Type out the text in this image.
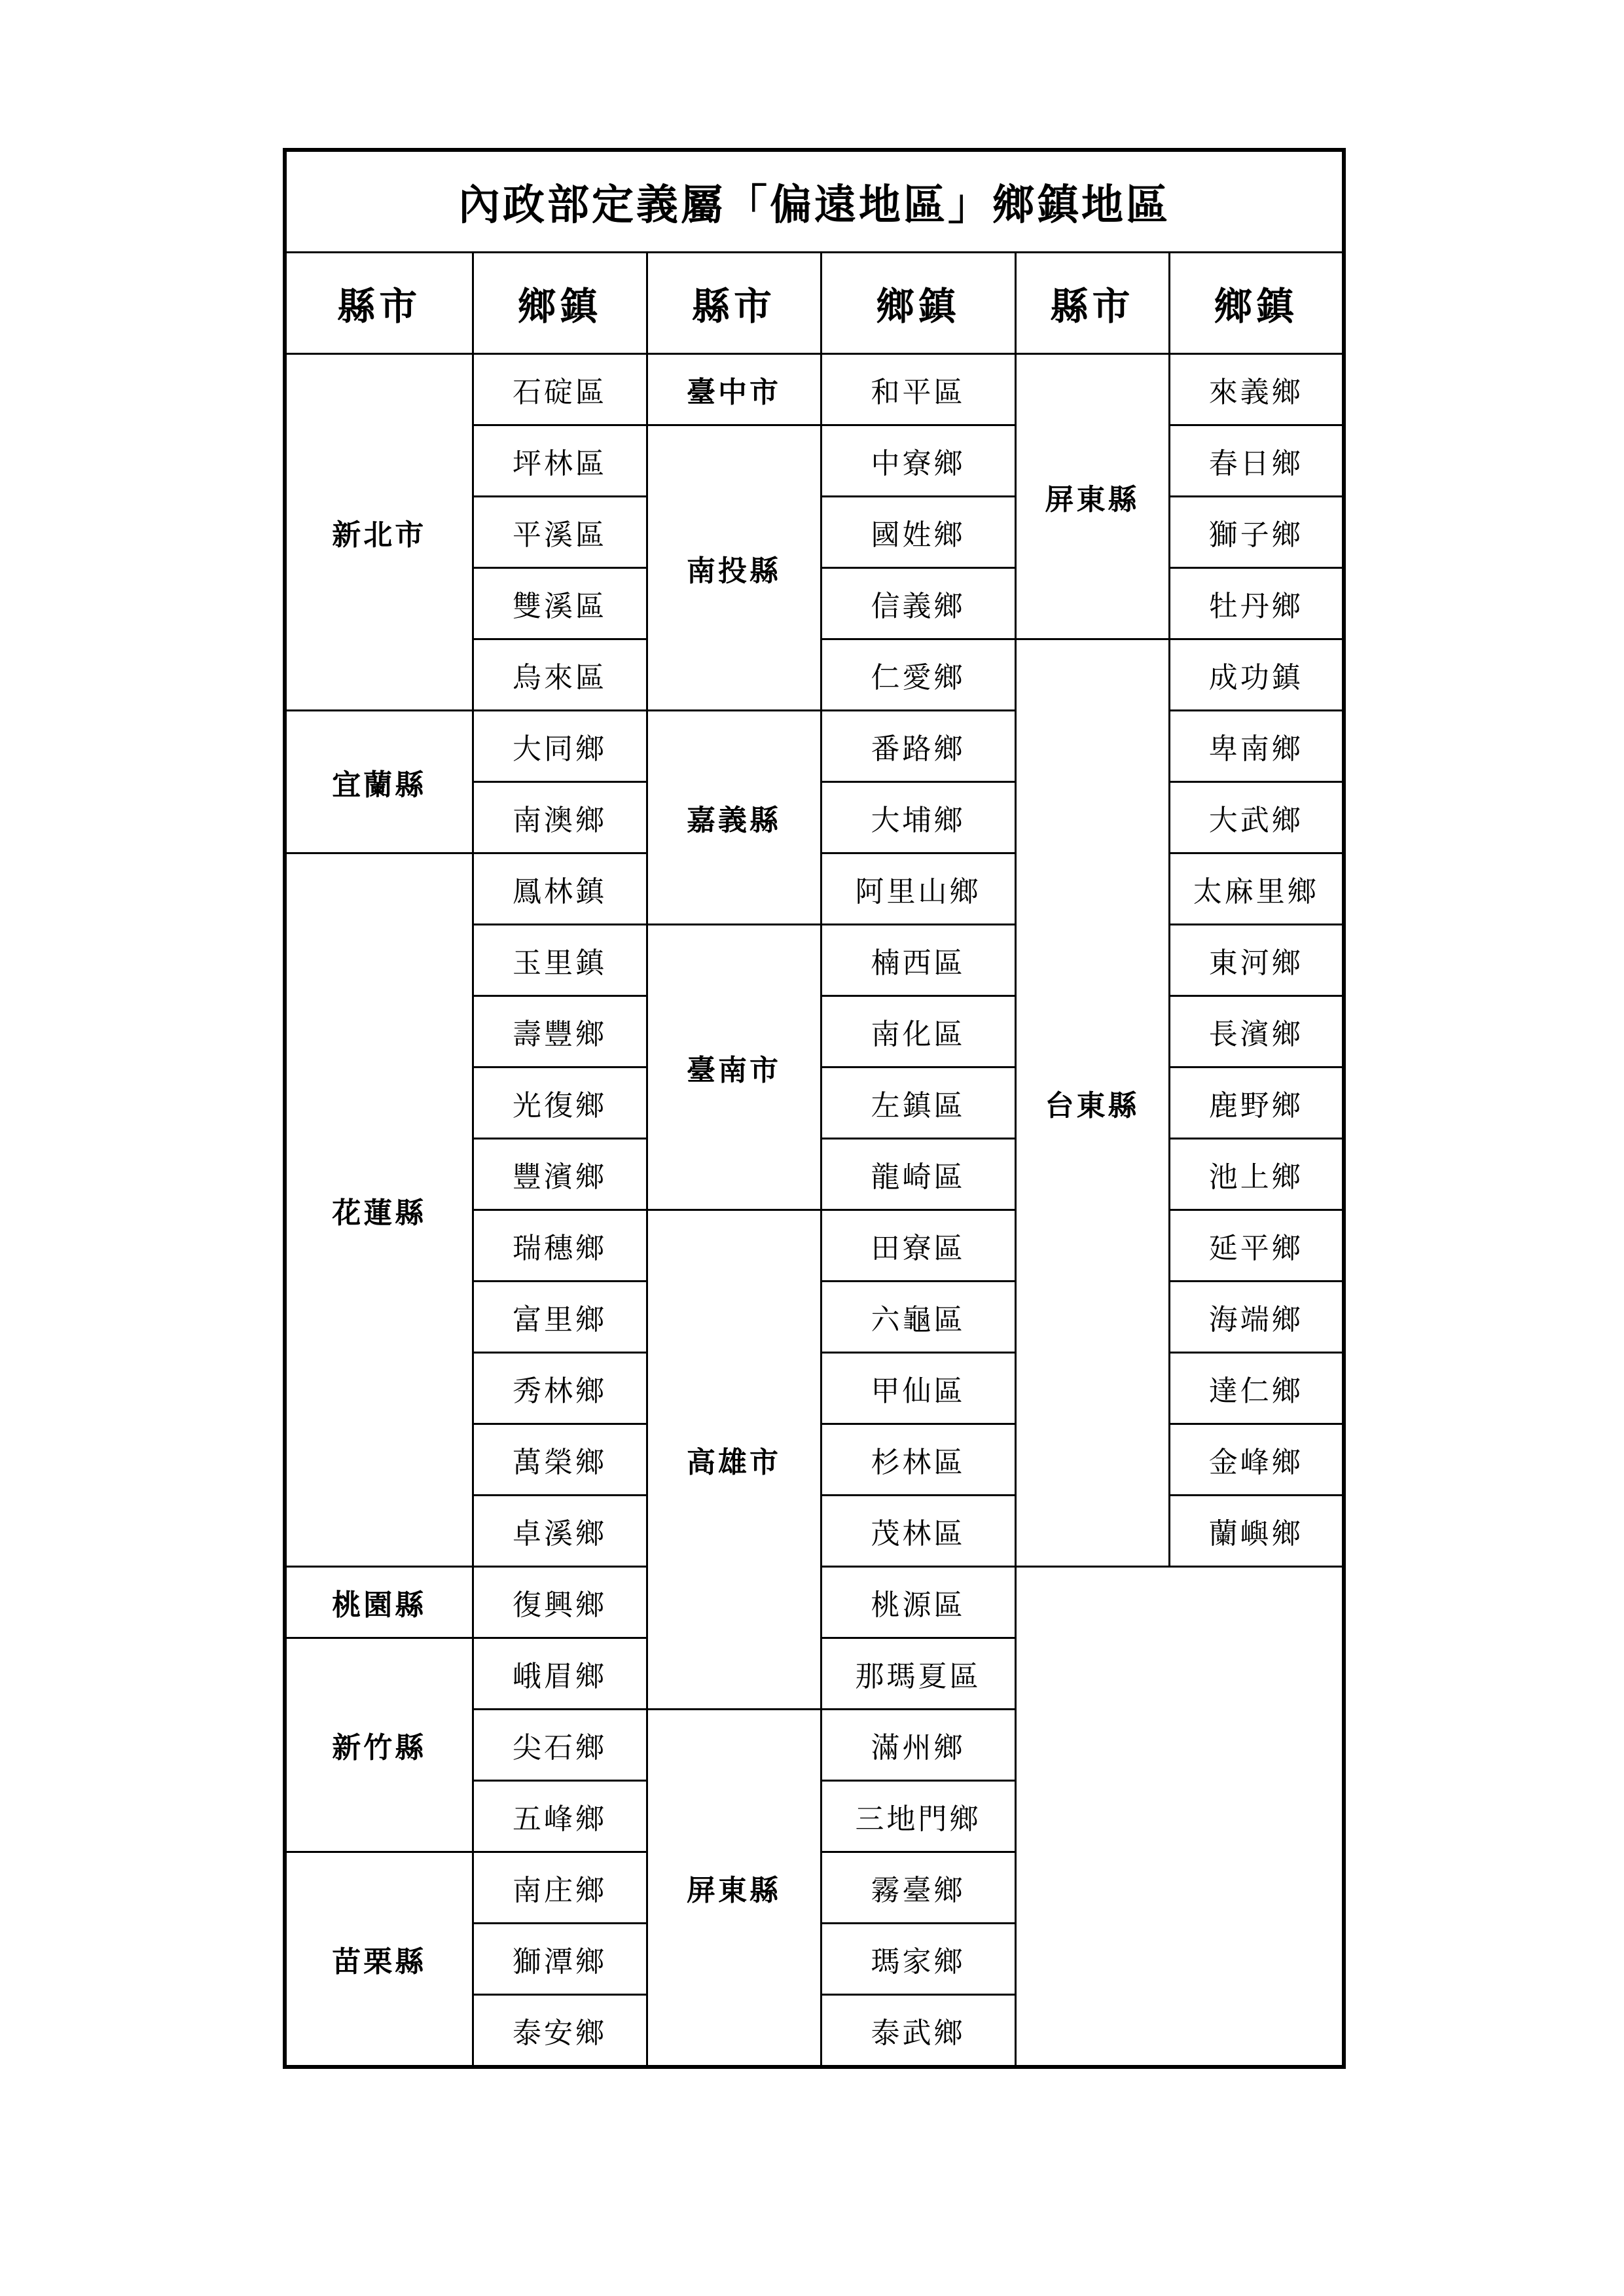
內政部定義屬「偏遠地區」鄉鎮地區					
縣市	鄉鎮	縣市	鄉鎮	縣市	鄉鎮
新北市	石碇區	臺中市	和平區	屏東縣	來義鄉
	坪林區	南投縣	中寮鄉		春日鄉
	平溪區		國姓鄉		獅子鄉
	雙溪區		信義鄉		牡丹鄉
	烏來區		仁愛鄉	台東縣	成功鎮
宜蘭縣	大同鄉	嘉義縣	番路鄉		卑南鄉
	南澳鄉		大埔鄉		大武鄉
花蓮縣	鳳林鎮		阿里山鄉		太麻里鄉
	玉里鎮	臺南市	楠西區		東河鄉
	壽豐鄉		南化區		長濱鄉
	光復鄉		左鎮區		鹿野鄉
	豐濱鄉		龍崎區		池上鄉
	瑞穗鄉	高雄市	田寮區		延平鄉
	富里鄉		六龜區		海端鄉
	秀林鄉		甲仙區		達仁鄉
	萬榮鄉		杉林區		金峰鄉
	卓溪鄉		茂林區		蘭嶼鄉
桃園縣	復興鄉		桃源區		
新竹縣	峨眉鄉		那瑪夏區		
	尖石鄉	屏東縣	滿州鄉		
	五峰鄉		三地門鄉		
苗栗縣	南庄鄉		霧臺鄉		
	獅潭鄉		瑪家鄉		
	泰安鄉		泰武鄉		
